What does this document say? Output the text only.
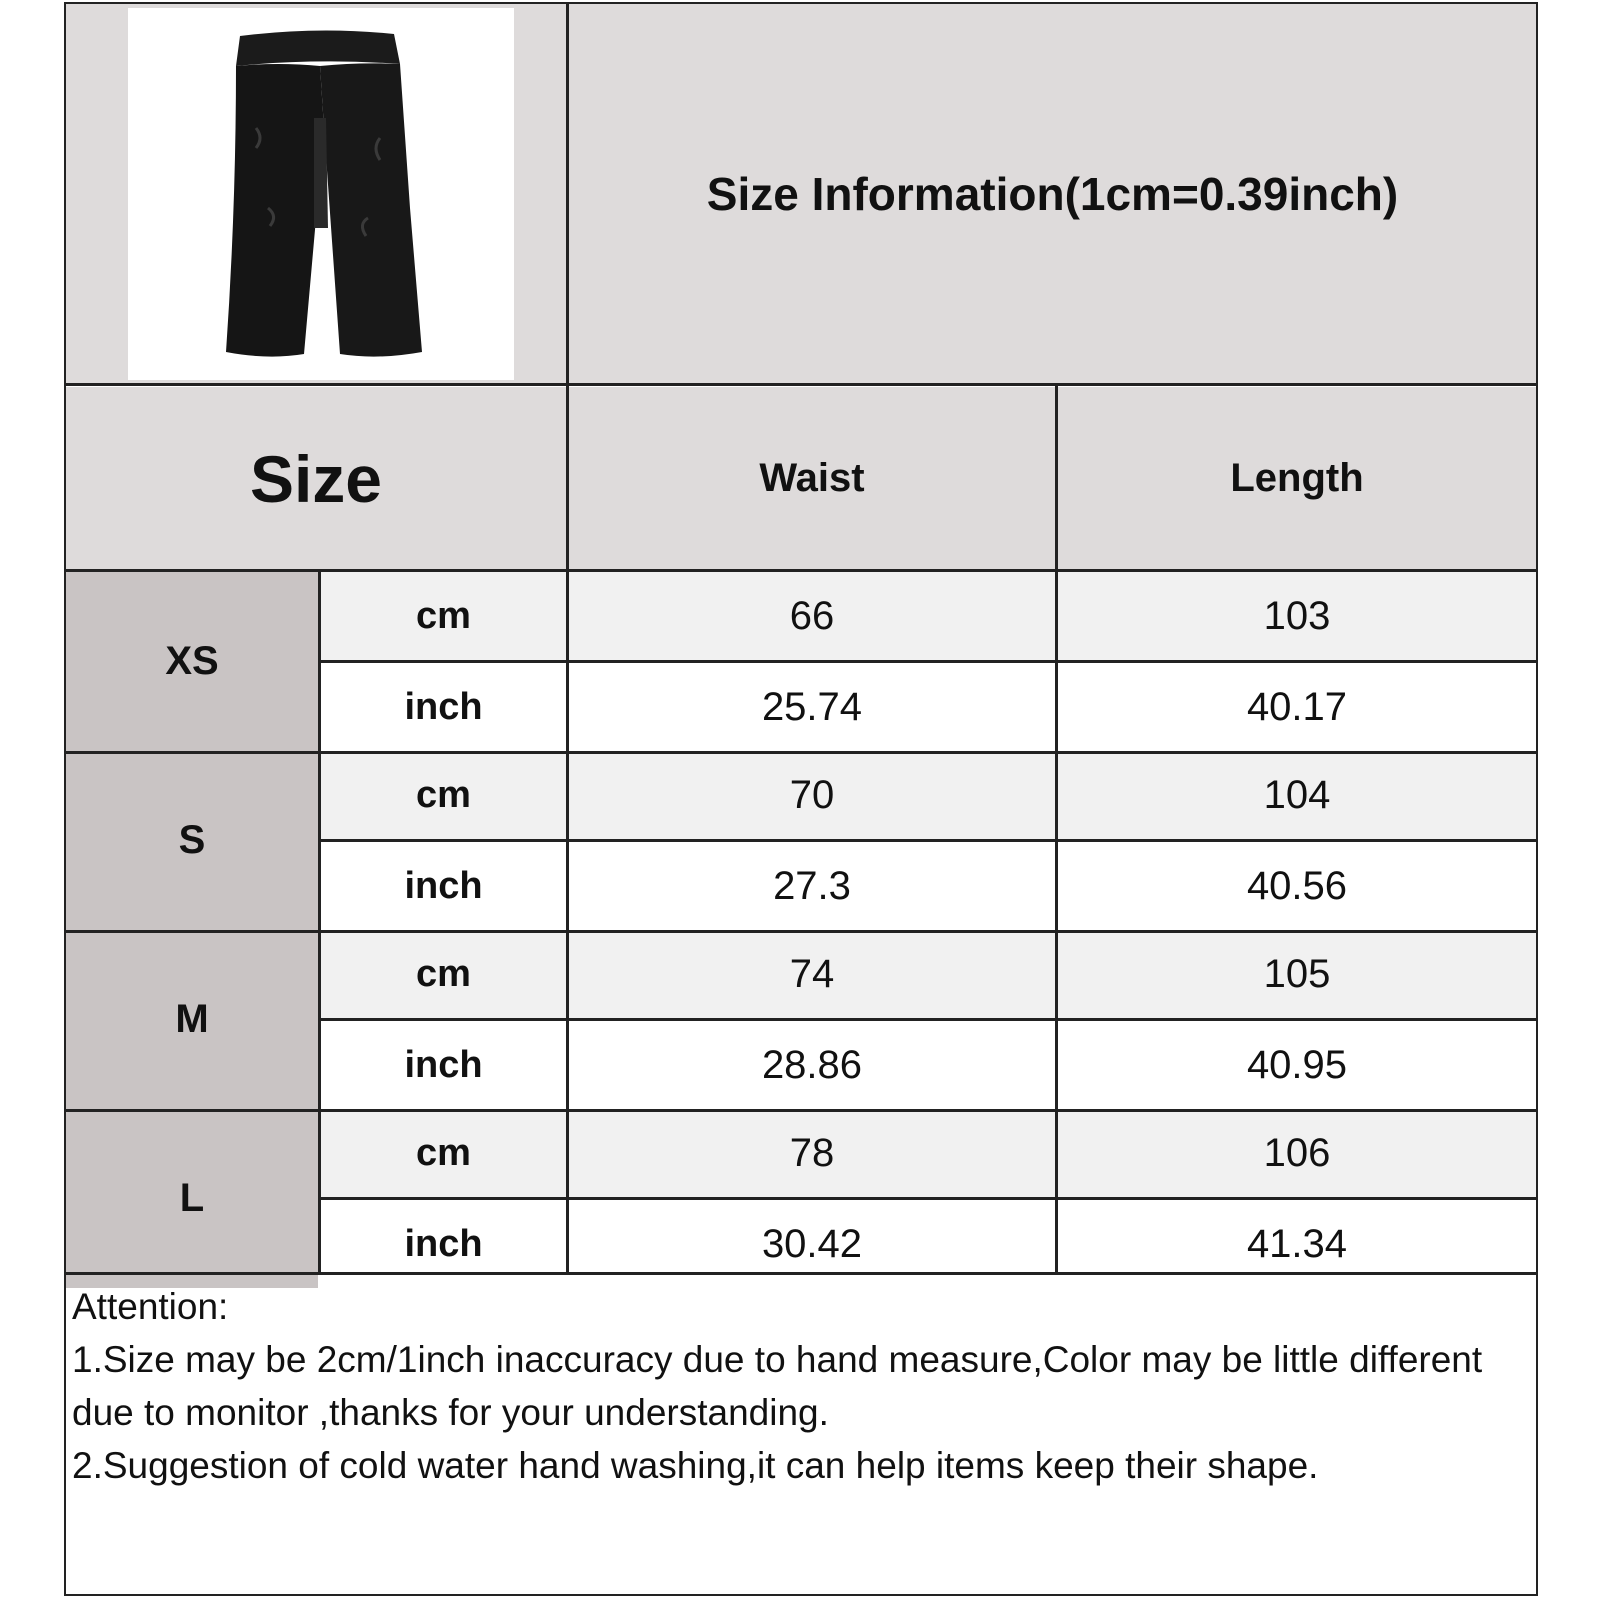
Size Information(1cm=0.39inch)
Size	Waist	Length
XS
cm	66	103
inch	25.74	40.17
S
cm	70	104
inch	27.3	40.56
M
cm	74	105
inch	28.86	40.95
L
cm	78	106
inch	30.42	41.34
Attention:
1.Size may be 2cm/1inch inaccuracy due to hand measure,Color may be little different due to monitor ,thanks for your understanding.
2.Suggestion of cold water hand washing,it can help items keep their shape.
